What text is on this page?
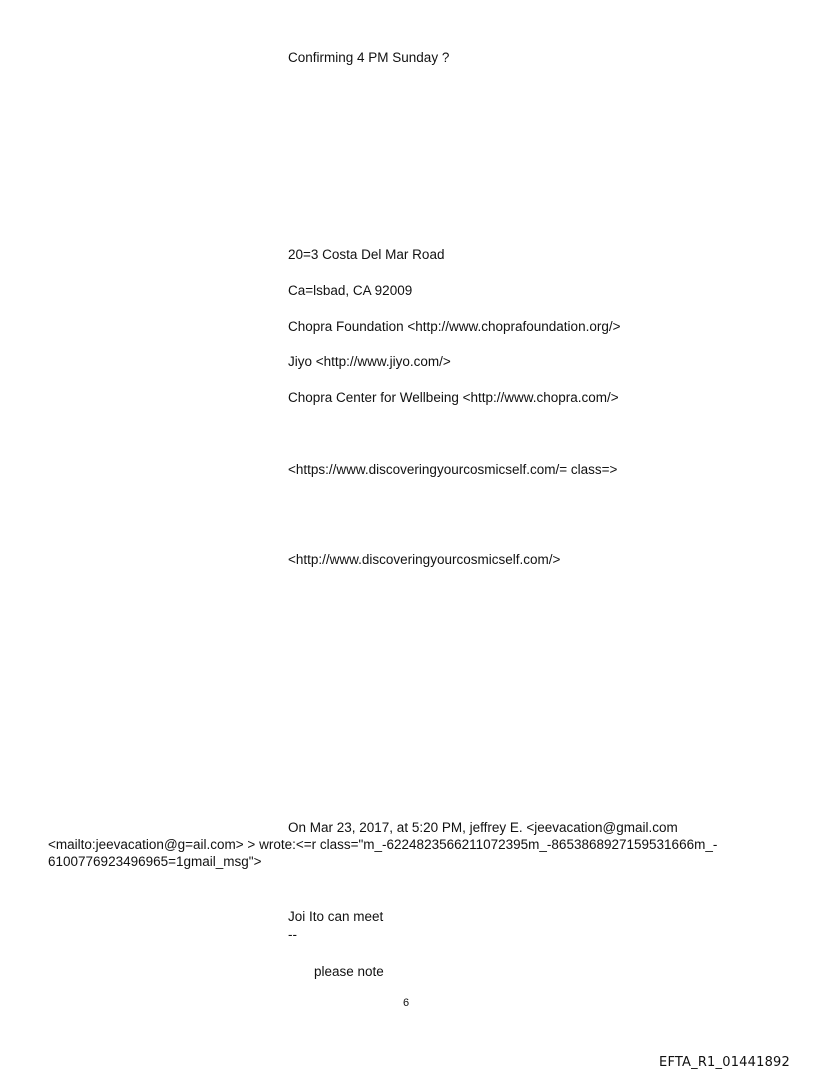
Confirming 4 PM Sunday ?

20=3 Costa Del Mar Road

Ca=lsbad, CA 92009

Chopra Foundation <http://www.choprafoundation.org/>

Jiyo <http://www.jiyo.com/>

Chopra Center for Wellbeing <http://www.chopra.com/>

<https://www.discoveringyourcosmicself.com/= class=>

<http://www.discoveringyourcosmicself.com/>

On Mar 23, 2017, at 5:20 PM, jeffrey E. <jeevacation@gmail.com
<mailto:jeevacation@g=ail.com> > wrote:<=r class="m_-6224823566211072395m_-8653868927159531666m_-
6100776923496965=1gmail_msg">

Joi Ito can meet

--

please note

6
EFTA_R1_01441892
